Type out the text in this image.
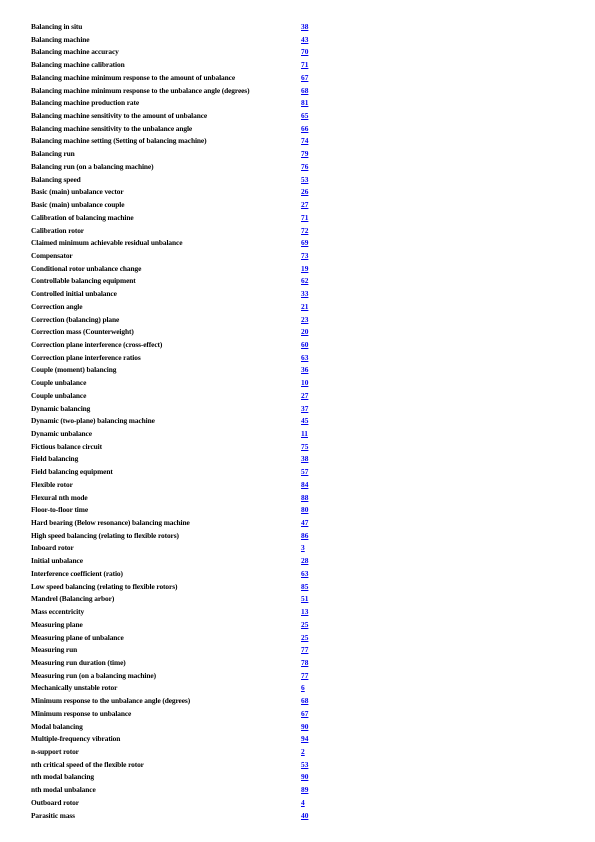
Balancing in situ	38
Balancing machine	43
Balancing machine accuracy	70
Balancing machine calibration	71
Balancing machine minimum response to the amount of unbalance	67
Balancing machine minimum response to the unbalance angle (degrees)	68
Balancing machine production rate	81
Balancing machine sensitivity to the amount of unbalance	65
Balancing machine sensitivity to the unbalance angle	66
Balancing machine setting (Setting of balancing machine)	74
Balancing run	79
Balancing run (on a balancing machine)	76
Balancing speed	53
Basic (main) unbalance vector	26
Basic (main) unbalance couple	27
Calibration of balancing machine	71
Calibration rotor	72
Claimed minimum achievable residual unbalance	69
Compensator	73
Conditional rotor unbalance change	19
Controllable balancing equipment	62
Controlled initial unbalance	33
Correction angle	21
Correction (balancing) plane	23
Correction mass (Counterweight)	20
Correction plane interference (cross-effect)	60
Correction plane interference ratios	63
Couple (moment) balancing	36
Couple unbalance	10
Couple unbalance	27
Dynamic balancing	37
Dynamic (two-plane) balancing machine	45
Dynamic unbalance	11
Fictious balance circuit	75
Field balancing	38
Field balancing equipment	57
Flexible rotor	84
Flexural nth mode	88
Floor-to-floor time	80
Hard bearing (Below resonance) balancing machine	47
High speed balancing (relating to flexible rotors)	86
Inboard rotor	3
Initial unbalance	28
Interference coefficient (ratio)	63
Low speed balancing (relating to flexible rotors)	85
Mandrel (Balancing arbor)	51
Mass eccentricity	13
Measuring plane	25
Measuring plane of unbalance	25
Measuring run	77
Measuring run duration (time)	78
Measuring run (on a balancing machine)	77
Mechanically unstable rotor	6
Minimum response to the unbalance angle (degrees)	68
Minimum response to unbalance	67
Modal balancing	90
Multiple-frequency vibration	94
n-support rotor	2
nth critical speed of the flexible rotor	53
nth modal balancing	90
nth modal unbalance	89
Outboard rotor	4
Parasitic mass	40
